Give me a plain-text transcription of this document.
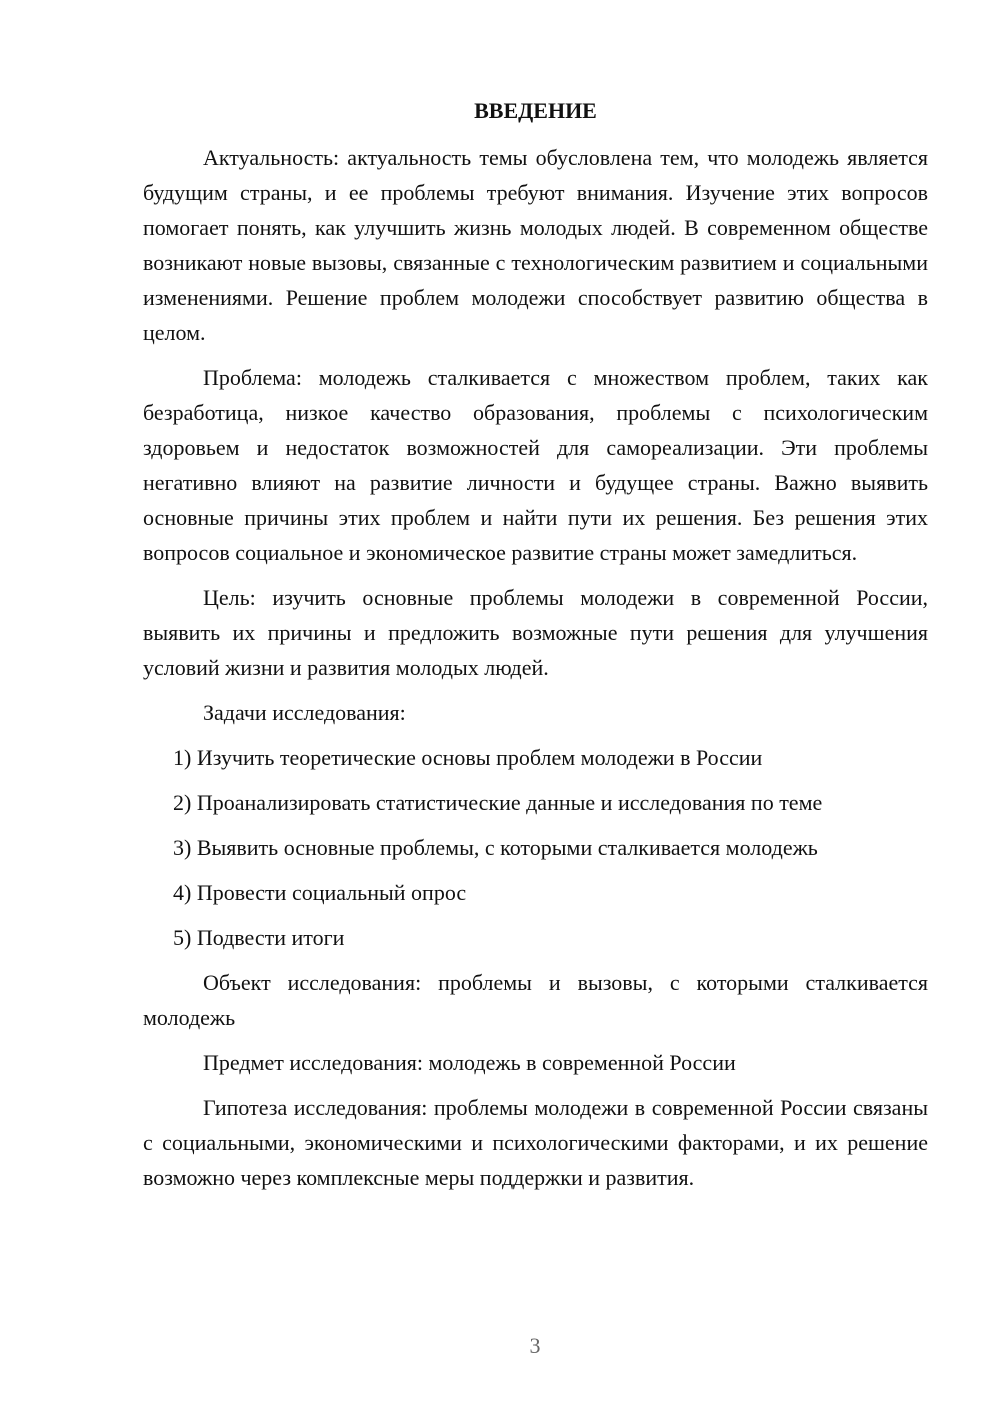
ВВЕДЕНИЕ

Актуальность: актуальность темы обусловлена тем, что молодежь является будущим страны, и ее проблемы требуют внимания. Изучение этих вопросов помогает понять, как улучшить жизнь молодых людей. В современном обществе возникают новые вызовы, связанные с технологическим развитием и социальными изменениями. Решение проблем молодежи способствует развитию общества в целом.

Проблема: молодежь сталкивается с множеством проблем, таких как безработица, низкое качество образования, проблемы с психологическим здоровьем и недостаток возможностей для самореализации. Эти проблемы негативно влияют на развитие личности и будущее страны. Важно выявить основные причины этих проблем и найти пути их решения. Без решения этих вопросов социальное и экономическое развитие страны может замедлиться.

Цель: изучить основные проблемы молодежи в современной России, выявить их причины и предложить возможные пути решения для улучшения условий жизни и развития молодых людей.

Задачи исследования:

1) Изучить теоретические основы проблем молодежи в России
2) Проанализировать статистические данные и исследования по теме
3) Выявить основные проблемы, с которыми сталкивается молодежь
4) Провести социальный опрос
5) Подвести итоги

Объект исследования: проблемы и вызовы, с которыми сталкивается молодежь

Предмет исследования: молодежь в современной России

Гипотеза исследования: проблемы молодежи в современной России связаны с социальными, экономическими и психологическими факторами, и их решение возможно через комплексные меры поддержки и развития.

3
